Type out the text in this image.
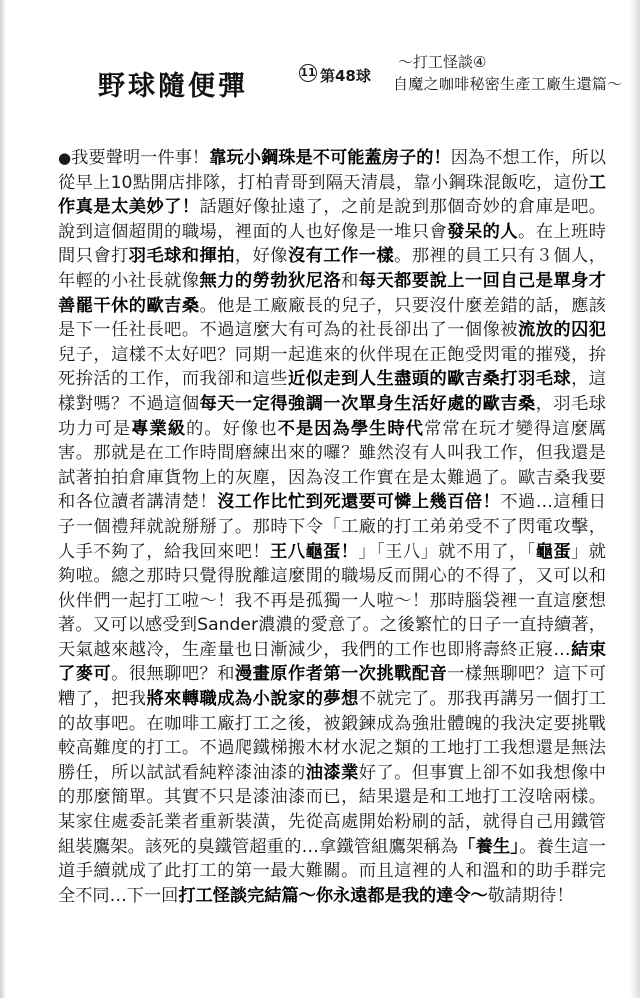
野球隨便彈	11 第48球
～打工怪談④
自魔之咖啡秘密生產工廠生還篇～
●我要聲明一件事！靠玩小鋼珠是不可能蓋房子的！因為不想工作，所以從早上10點開店排隊，打柏青哥到隔天清晨，靠小鋼珠混飯吃，這份工作真是太美妙了！話題好像扯遠了，之前是說到那個奇妙的倉庫是吧。說到這個超閒的職場，裡面的人也好像是一堆只會發呆的人。在上班時間只會打羽毛球和揮拍，好像沒有工作一樣。那裡的員工只有３個人，年輕的小社長就像無力的勞勃狄尼洛和每天都要說上一回自己是單身才善罷干休的歐吉桑。他是工廠廠長的兒子，只要沒什麼差錯的話，應該是下一任社長吧。不過這麼大有可為的社長卻出了一個像被流放的囚犯兒子，這樣不太好吧？同期一起進來的伙伴現在正飽受閃電的摧殘，拚死拚活的工作，而我卻和這些近似走到人生盡頭的歐吉桑打羽毛球，這樣對嗎？不過這個每天一定得強調一次單身生活好處的歐吉桑，羽毛球功力可是專業級的。好像也不是因為學生時代常常在玩才變得這麼厲害。那就是在工作時間磨練出來的囉？雖然沒有人叫我工作，但我還是試著拍拍倉庫貨物上的灰塵，因為沒工作實在是太難過了。歐吉桑我要和各位讀者講清楚！沒工作比忙到死還要可憐上幾百倍！不過…這種日子一個禮拜就說掰掰了。那時下令「工廠的打工弟弟受不了閃電攻擊，人手不夠了，給我回來吧！王八龜蛋！」「王八」就不用了，「龜蛋」就夠啦。總之那時只覺得脫離這麼閒的職場反而開心的不得了，又可以和伙伴們一起打工啦～！我不再是孤獨一人啦～！那時腦袋裡一直這麼想著。又可以感受到Sander濃濃的愛意了。之後繁忙的日子一直持續著，天氣越來越冷，生產量也日漸減少，我們的工作也即將壽終正寢…結束了麥可。很無聊吧？和漫畫原作者第一次挑戰配音一樣無聊吧？這下可糟了，把我將來轉職成為小說家的夢想不就完了。那我再講另一個打工的故事吧。在咖啡工廠打工之後，被鍛鍊成為強壯體魄的我決定要挑戰較高難度的打工。不過爬鐵梯搬木材水泥之類的工地打工我想還是無法勝任，所以試試看純粹漆油漆的油漆業好了。但事實上卻不如我想像中的那麼簡單。其實不只是漆油漆而已，結果還是和工地打工沒啥兩樣。某家住處委託業者重新裝潢，先從高處開始粉刷的話，就得自己用鐵管組裝鷹架。該死的臭鐵管超重的…拿鐵管組鷹架稱為「養生」。養生這一道手續就成了此打工的第一最大難關。而且這裡的人和溫和的助手群完全不同…下一回打工怪談完結篇～你永遠都是我的達令～敬請期待！
